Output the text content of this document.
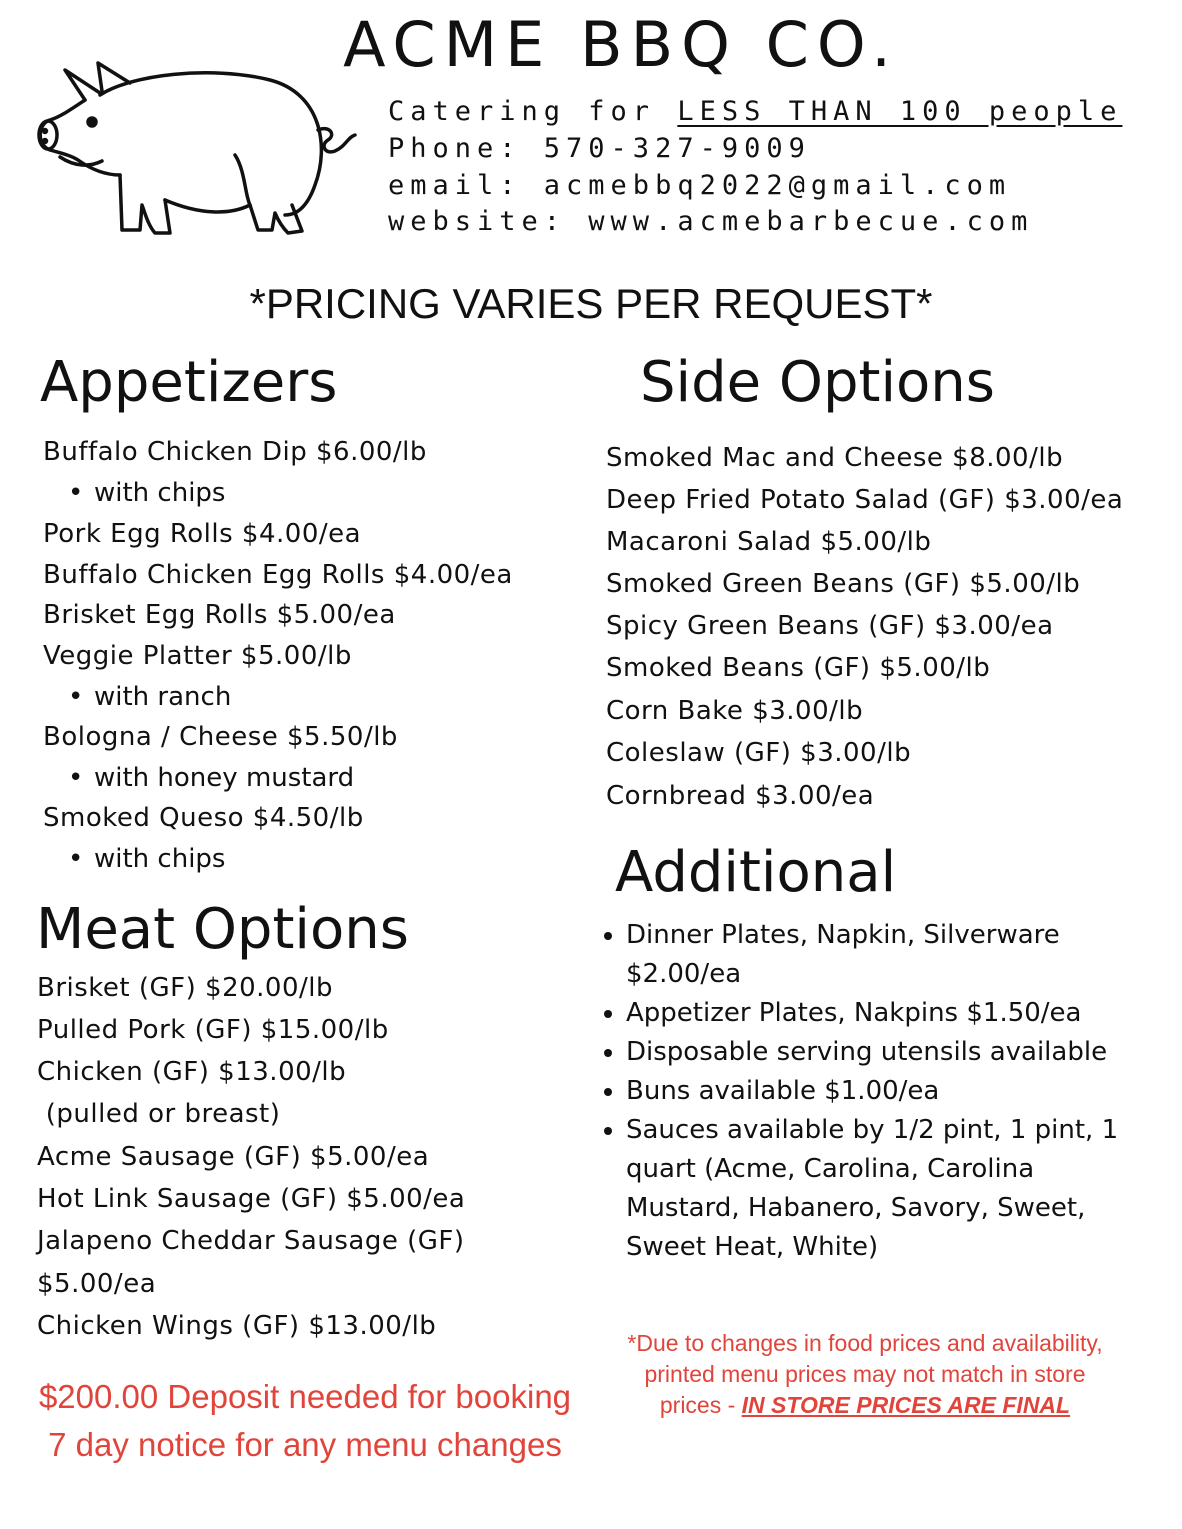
ACME BBQ CO.
Catering for LESS THAN 100 people
Phone: 570-327-9009
email: acmebbq2022@gmail.com
website: www.acmebarbecue.com
*PRICING VARIES PER REQUEST*
Appetizers
Buffalo Chicken Dip $6.00/lb
• with chips
Pork Egg Rolls $4.00/ea
Buffalo Chicken Egg Rolls $4.00/ea
Brisket Egg Rolls $5.00/ea
Veggie Platter $5.00/lb
• with ranch
Bologna / Cheese $5.50/lb
• with honey mustard
Smoked Queso $4.50/lb
• with chips
Meat Options
Brisket (GF) $20.00/lb
Pulled Pork (GF) $15.00/lb
Chicken (GF) $13.00/lb
(pulled or breast)
Acme Sausage (GF) $5.00/ea
Hot Link Sausage (GF) $5.00/ea
Jalapeno Cheddar Sausage (GF)
$5.00/ea
Chicken Wings (GF) $13.00/lb
Side Options
Smoked Mac and Cheese $8.00/lb
Deep Fried Potato Salad (GF) $3.00/ea
Macaroni Salad $5.00/lb
Smoked Green Beans (GF) $5.00/lb
Spicy Green Beans (GF) $3.00/ea
Smoked Beans (GF) $5.00/lb
Corn Bake $3.00/lb
Coleslaw (GF) $3.00/lb
Cornbread $3.00/ea
Additional
• Dinner Plates, Napkin, Silverware $2.00/ea
• Appetizer Plates, Nakpins $1.50/ea
• Disposable serving utensils available
• Buns available $1.00/ea
• Sauces available by 1/2 pint, 1 pint, 1 quart (Acme, Carolina, Carolina Mustard, Habanero, Savory, Sweet, Sweet Heat, White)
$200.00 Deposit needed for booking
7 day notice for any menu changes
*Due to changes in food prices and availability, printed menu prices may not match in store prices - IN STORE PRICES ARE FINAL
